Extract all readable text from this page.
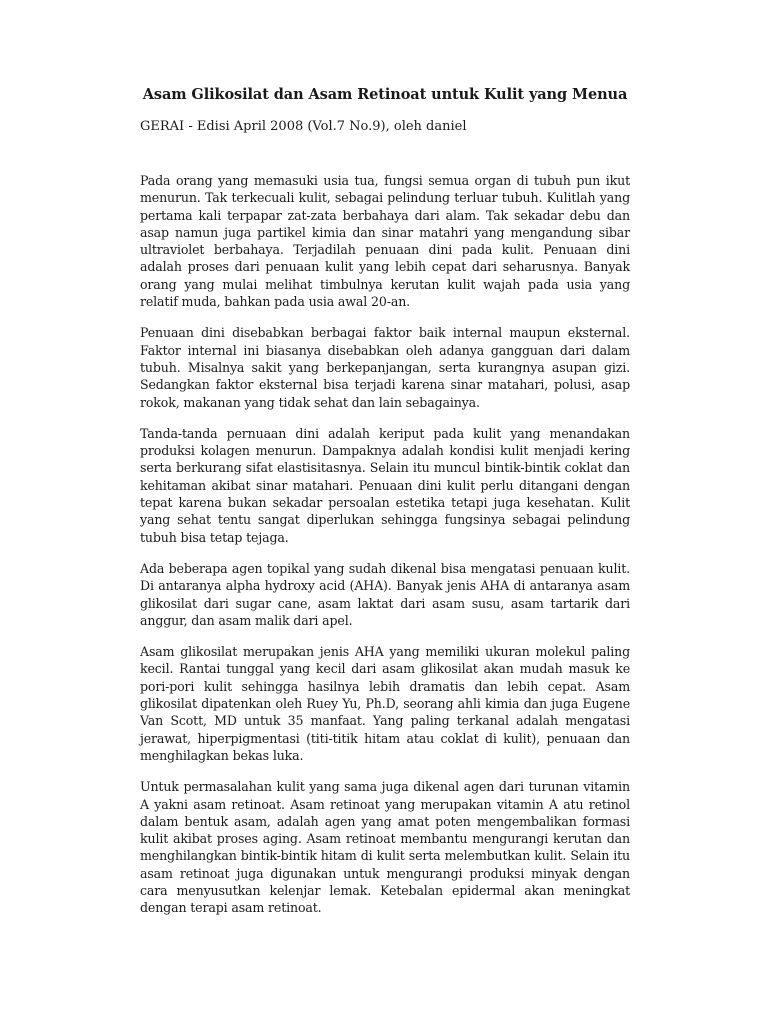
Asam Glikosilat dan Asam Retinoat untuk Kulit yang Menua
GERAI - Edisi April 2008 (Vol.7 No.9), oleh daniel

Pada orang yang memasuki usia tua, fungsi semua organ di tubuh pun ikut menurun. Tak terkecuali kulit, sebagai pelindung terluar tubuh. Kulitlah yang pertama kali terpapar zat-zata berbahaya dari alam. Tak sekadar debu dan asap namun juga partikel kimia dan sinar matahri yang mengandung sibar ultraviolet berbahaya. Terjadilah penuaan dini pada kulit. Penuaan dini adalah proses dari penuaan kulit yang lebih cepat dari seharusnya. Banyak orang yang mulai melihat timbulnya kerutan kulit wajah pada usia yang relatif muda, bahkan pada usia awal 20-an.

Penuaan dini disebabkan berbagai faktor baik internal maupun eksternal. Faktor internal ini biasanya disebabkan oleh adanya gangguan dari dalam tubuh. Misalnya sakit yang berkepanjangan, serta kurangnya asupan gizi. Sedangkan faktor eksternal bisa terjadi karena sinar matahari, polusi, asap rokok, makanan yang tidak sehat dan lain sebagainya.

Tanda-tanda pernuaan dini adalah keriput pada kulit yang menandakan produksi kolagen menurun. Dampaknya adalah kondisi kulit menjadi kering serta berkurang sifat elastisitasnya. Selain itu muncul bintik-bintik coklat dan kehitaman akibat sinar matahari. Penuaan dini kulit perlu ditangani dengan tepat karena bukan sekadar persoalan estetika tetapi juga kesehatan. Kulit yang sehat tentu sangat diperlukan sehingga fungsinya sebagai pelindung tubuh bisa tetap tejaga.

Ada beberapa agen topikal yang sudah dikenal bisa mengatasi penuaan kulit. Di antaranya alpha hydroxy acid (AHA). Banyak jenis AHA di antaranya asam glikosilat dari sugar cane, asam laktat dari asam susu, asam tartarik dari anggur, dan asam malik dari apel.

Asam glikosilat merupakan jenis AHA yang memiliki ukuran molekul paling kecil. Rantai tunggal yang kecil dari asam glikosilat akan mudah masuk ke pori-pori kulit sehingga hasilnya lebih dramatis dan lebih cepat. Asam glikosilat dipatenkan oleh Ruey Yu, Ph.D, seorang ahli kimia dan juga Eugene Van Scott, MD untuk 35 manfaat. Yang paling terkanal adalah mengatasi jerawat, hiperpigmentasi (titi-titik hitam atau coklat di kulit), penuaan dan menghilagkan bekas luka.

Untuk permasalahan kulit yang sama juga dikenal agen dari turunan vitamin A yakni asam retinoat. Asam retinoat yang merupakan vitamin A atu retinol dalam bentuk asam, adalah agen yang amat poten mengembalikan formasi kulit akibat proses aging. Asam retinoat membantu mengurangi kerutan dan menghilangkan bintik-bintik hitam di kulit serta melembutkan kulit. Selain itu asam retinoat juga digunakan untuk mengurangi produksi minyak dengan cara menyusutkan kelenjar lemak. Ketebalan epidermal akan meningkat dengan terapi asam retinoat.
